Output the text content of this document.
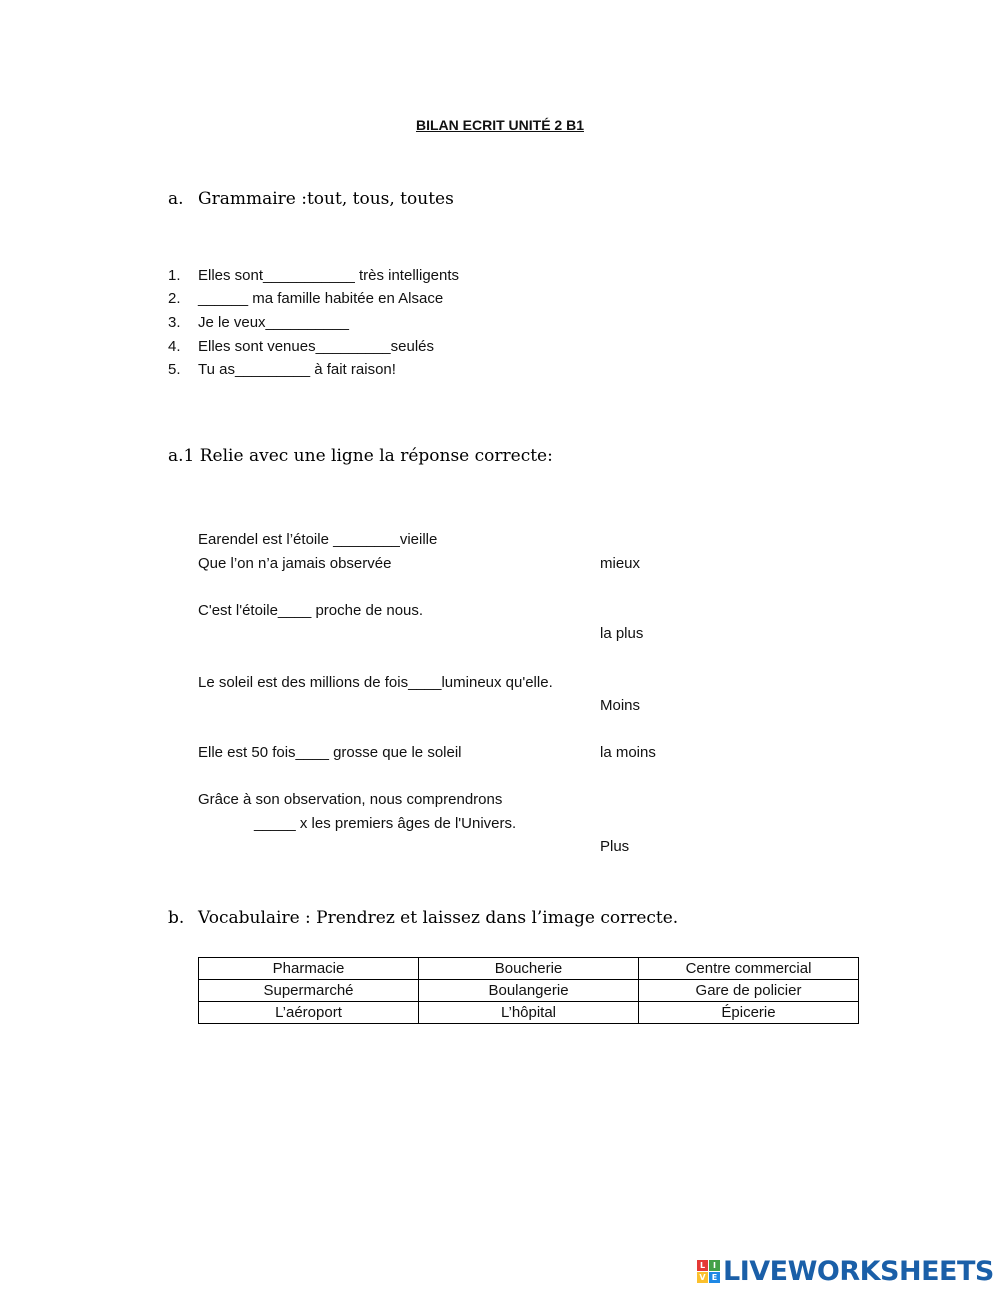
BILAN ECRIT UNITÉ 2 B1
a. Grammaire :tout, tous, toutes
1. Elles sont___________ très intelligents
2. ______ ma famille habitée en Alsace
3. Je le veux__________
4. Elles sont venues_________seulés
5. Tu as_________ à fait raison!
a.1 Relie avec une ligne la réponse correcte:
Earendel est l’étoile ________vieille
Que l’on n’a jamais observée
C'est l'étoile____ proche de nous.
Le soleil est des millions de fois____lumineux qu'elle.
Elle est 50 fois____ grosse que le soleil
Grâce à son observation, nous comprendrons
_____ x les premiers âges de l'Univers.
mieux
la plus
Moins
la moins
Plus
b. Vocabulaire : Prendrez et laissez dans l’image correcte.
Pharmacie	Boucherie	Centre commercial
Supermarché	Boulangerie	Gare de policier
L’aéroport	L’hôpital	Épicerie
L I
V E LIVEWORKSHEETS
